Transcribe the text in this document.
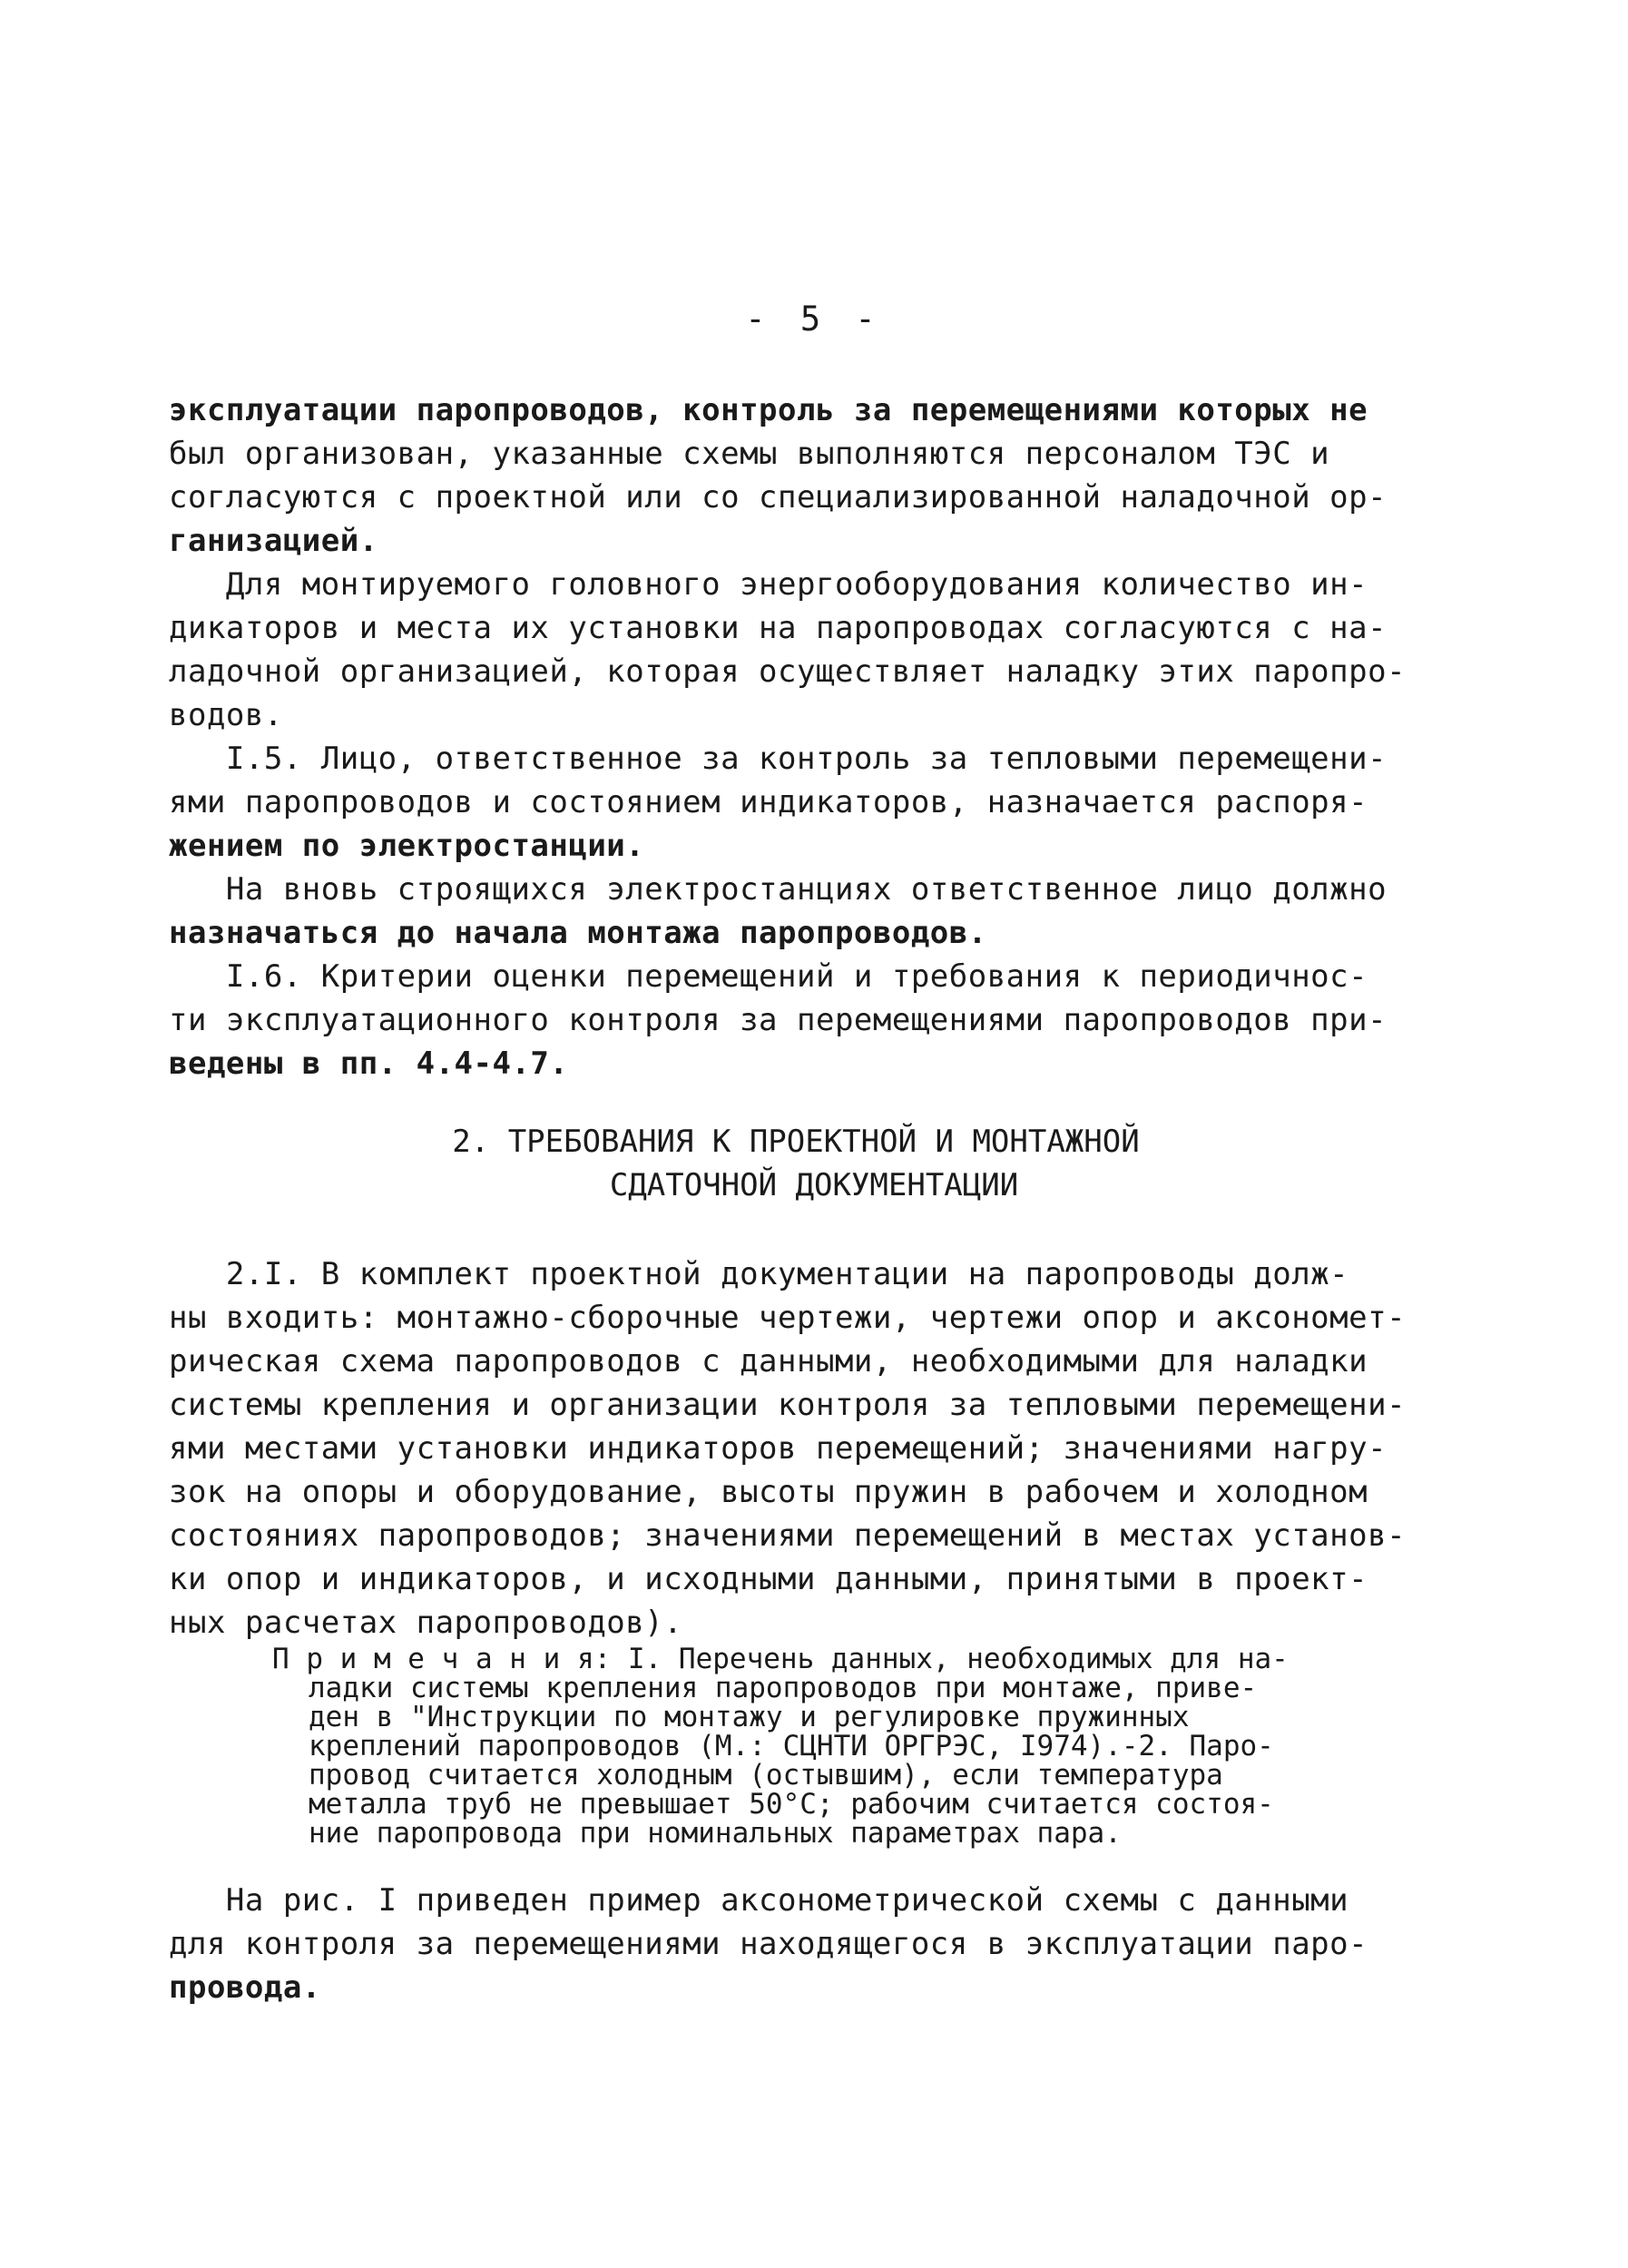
- 5 -
эксплуатации паропроводов, контроль за перемещениями которых не
был организован, указанные схемы выполняются персоналом ТЭС и
согласуются с проектной или со специализированной наладочной ор-
ганизацией.
Для монтируемого головного энергооборудования количество ин-
дикаторов и места их установки на паропроводах согласуются с на-
ладочной организацией, которая осуществляет наладку этих паропро-
водов.
I.5. Лицо, ответственное за контроль за тепловыми перемещени-
ями паропроводов и состоянием индикаторов, назначается распоря-
жением по электростанции.
На вновь строящихся электростанциях ответственное лицо должно
назначаться до начала монтажа паропроводов.
I.6. Критерии оценки перемещений и требования к периодичнос-
ти эксплуатационного контроля за перемещениями паропроводов при-
ведены в пп. 4.4-4.7.
2. ТРЕБОВАНИЯ К ПРОЕКТНОЙ И МОНТАЖНОЙ
СДАТОЧНОЙ ДОКУМЕНТАЦИИ
2.I. В комплект проектной документации на паропроводы долж-
ны входить: монтажно-сборочные чертежи, чертежи опор и аксономет-
рическая схема паропроводов с данными, необходимыми для наладки
системы крепления и организации контроля за тепловыми перемещени-
ями местами установки индикаторов перемещений; значениями нагру-
зок на опоры и оборудование, высоты пружин в рабочем и холодном
состояниях паропроводов; значениями перемещений в местах установ-
ки опор и индикаторов, и исходными данными, принятыми в проект-
ных расчетах паропроводов).
П р и м е ч а н и я: I. Перечень данных, необходимых для на-
ладки системы крепления паропроводов при монтаже, приве-
ден в "Инструкции по монтажу и регулировке пружинных
креплений паропроводов (М.: СЦНТИ ОРГРЭС, I974).-2. Паро-
провод считается холодным (остывшим), если температура
металла труб не превышает 50°С; рабочим считается состоя-
ние паропровода при номинальных параметрах пара.
На рис. I приведен пример аксонометрической схемы с данными
для контроля за перемещениями находящегося в эксплуатации паро-
провода.
